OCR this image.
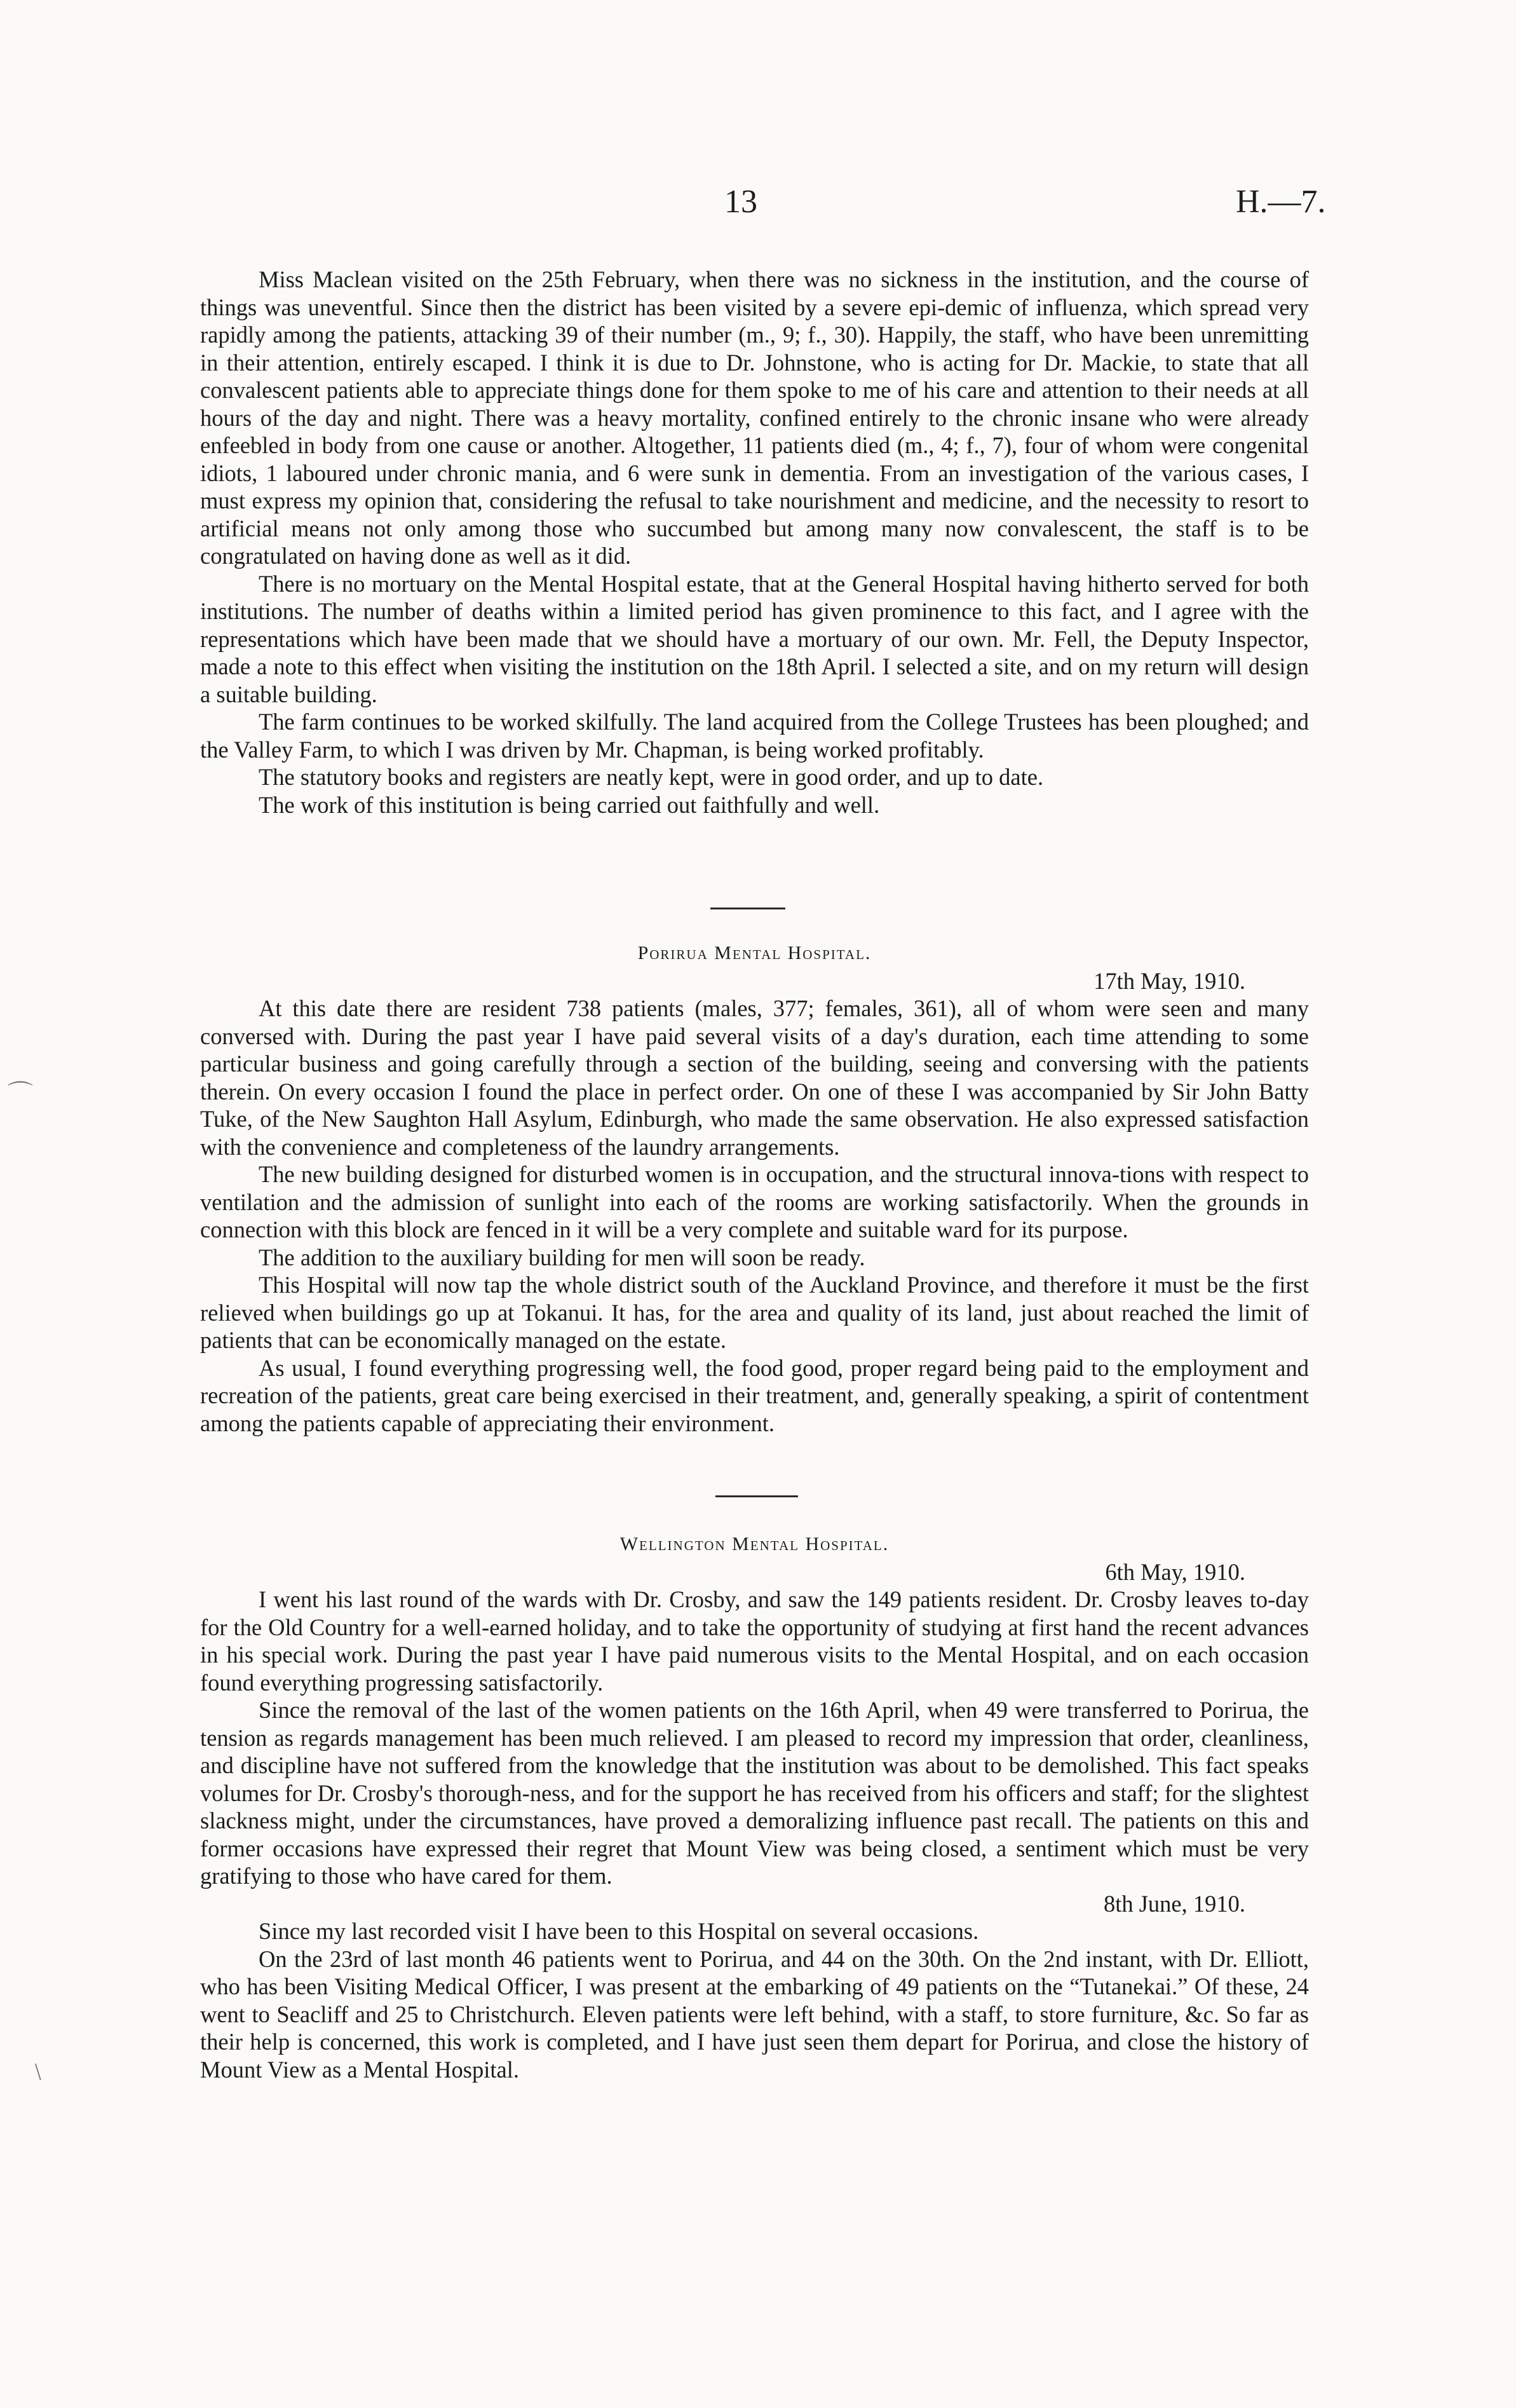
13	H.—7.

Miss Maclean visited on the 25th February, when there was no sickness in the institution, and the course of things was uneventful. Since then the district has been visited by a severe epi-demic of influenza, which spread very rapidly among the patients, attacking 39 of their number (m., 9; f., 30). Happily, the staff, who have been unremitting in their attention, entirely escaped. I think it is due to Dr. Johnstone, who is acting for Dr. Mackie, to state that all convalescent patients able to appreciate things done for them spoke to me of his care and attention to their needs at all hours of the day and night. There was a heavy mortality, confined entirely to the chronic insane who were already enfeebled in body from one cause or another. Altogether, 11 patients died (m., 4; f., 7), four of whom were congenital idiots, 1 laboured under chronic mania, and 6 were sunk in dementia. From an investigation of the various cases, I must express my opinion that, considering the refusal to take nourishment and medicine, and the necessity to resort to artificial means not only among those who succumbed but among many now convalescent, the staff is to be congratulated on having done as well as it did.

There is no mortuary on the Mental Hospital estate, that at the General Hospital having hitherto served for both institutions. The number of deaths within a limited period has given prominence to this fact, and I agree with the representations which have been made that we should have a mortuary of our own. Mr. Fell, the Deputy Inspector, made a note to this effect when visiting the institution on the 18th April. I selected a site, and on my return will design a suitable building.

The farm continues to be worked skilfully. The land acquired from the College Trustees has been ploughed; and the Valley Farm, to which I was driven by Mr. Chapman, is being worked profitably.

The statutory books and registers are neatly kept, were in good order, and up to date.

The work of this institution is being carried out faithfully and well.

Porirua Mental Hospital.
17th May, 1910.

At this date there are resident 738 patients (males, 377; females, 361), all of whom were seen and many conversed with. During the past year I have paid several visits of a day's duration, each time attending to some particular business and going carefully through a section of the building, seeing and conversing with the patients therein. On every occasion I found the place in perfect order. On one of these I was accompanied by Sir John Batty Tuke, of the New Saughton Hall Asylum, Edinburgh, who made the same observation. He also expressed satisfaction with the convenience and completeness of the laundry arrangements.

The new building designed for disturbed women is in occupation, and the structural innova-tions with respect to ventilation and the admission of sunlight into each of the rooms are working satisfactorily. When the grounds in connection with this block are fenced in it will be a very complete and suitable ward for its purpose.

The addition to the auxiliary building for men will soon be ready.

This Hospital will now tap the whole district south of the Auckland Province, and therefore it must be the first relieved when buildings go up at Tokanui. It has, for the area and quality of its land, just about reached the limit of patients that can be economically managed on the estate.

As usual, I found everything progressing well, the food good, proper regard being paid to the employment and recreation of the patients, great care being exercised in their treatment, and, generally speaking, a spirit of contentment among the patients capable of appreciating their environment.

Wellington Mental Hospital.
6th May, 1910.

I went his last round of the wards with Dr. Crosby, and saw the 149 patients resident. Dr. Crosby leaves to-day for the Old Country for a well-earned holiday, and to take the opportunity of studying at first hand the recent advances in his special work. During the past year I have paid numerous visits to the Mental Hospital, and on each occasion found everything progressing satisfactorily.

Since the removal of the last of the women patients on the 16th April, when 49 were transferred to Porirua, the tension as regards management has been much relieved. I am pleased to record my impression that order, cleanliness, and discipline have not suffered from the knowledge that the institution was about to be demolished. This fact speaks volumes for Dr. Crosby's thorough-ness, and for the support he has received from his officers and staff; for the slightest slackness might, under the circumstances, have proved a demoralizing influence past recall. The patients on this and former occasions have expressed their regret that Mount View was being closed, a sentiment which must be very gratifying to those who have cared for them.

8th June, 1910.

Since my last recorded visit I have been to this Hospital on several occasions.

On the 23rd of last month 46 patients went to Porirua, and 44 on the 30th. On the 2nd instant, with Dr. Elliott, who has been Visiting Medical Officer, I was present at the embarking of 49 patients on the “Tutanekai.” Of these, 24 went to Seacliff and 25 to Christchurch. Eleven patients were left behind, with a staff, to store furniture, &c. So far as their help is concerned, this work is completed, and I have just seen them depart for Porirua, and close the history of Mount View as a Mental Hospital.

⌒
﹨
